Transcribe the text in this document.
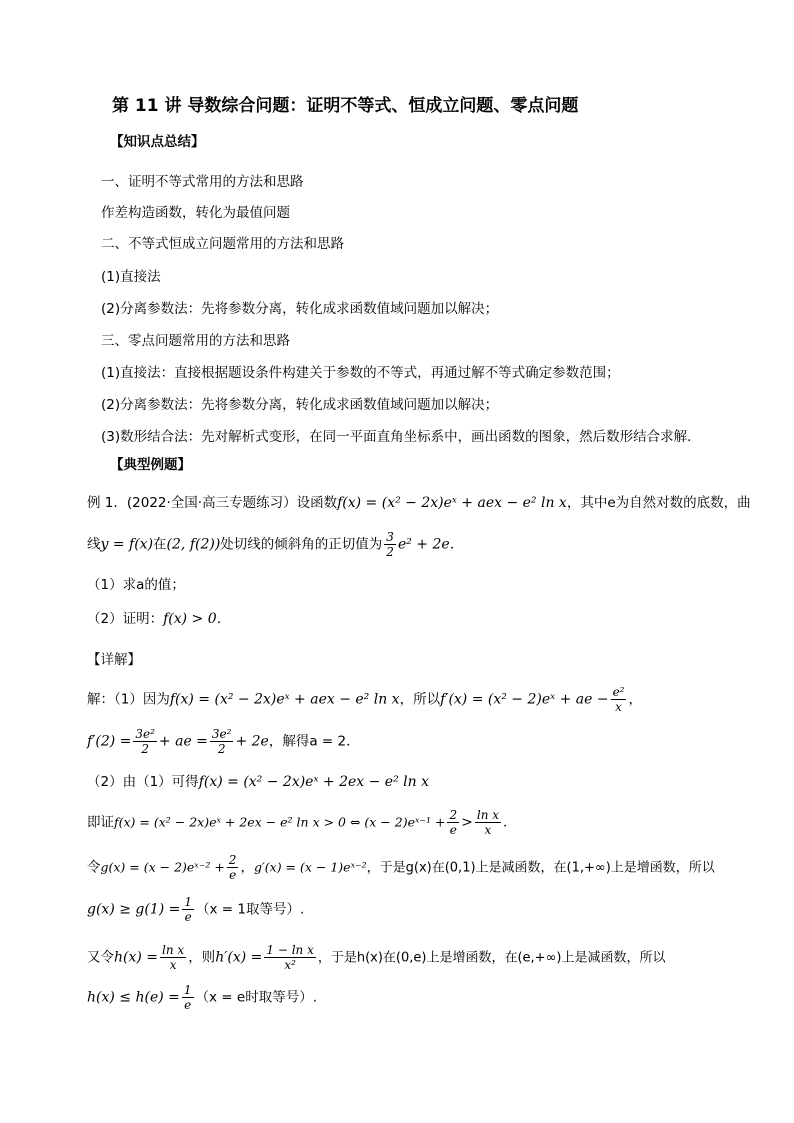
第 11 讲 导数综合问题：证明不等式、恒成立问题、零点问题
【知识点总结】
一、证明不等式常用的方法和思路
作差构造函数，转化为最值问题
二、不等式恒成立问题常用的方法和思路
(1)直接法
(2)分离参数法：先将参数分离，转化成求函数值域问题加以解决；
三、零点问题常用的方法和思路
(1)直接法：直接根据题设条件构建关于参数的不等式，再通过解不等式确定参数范围；
(2)分离参数法：先将参数分离，转化成求函数值域问题加以解决；
(3)数形结合法：先对解析式变形，在同一平面直角坐标系中，画出函数的图象，然后数形结合求解．
【典型例题】
例 1．(2022·全国·高三专题练习）设函数f(x) = (x² − 2x)eˣ + aex − e² ln x，其中e为自然对数的底数，曲
线y = f(x)在(2, f(2))处切线的倾斜角的正切值为 $\frac{3}{2} e^2 + 2e$．
（1）求a的值；
（2）证明：f(x) > 0．
【详解】
解：（1）因为f(x) = (x² − 2x)eˣ + aex − e² ln x，所以f′(x) = (x² − 2)eˣ + ae − $\frac{\text{e²}}{x}$ ，
$f'(2) = \frac{\text{3e²}}{2}$ + ae = $\frac{\text{3e²}}{2} + 2e$，解得a = 2．
（2）由（1）可得f(x) = (x² − 2x)eˣ + 2ex − e² ln x
即证f(x) = (x² − 2x)eˣ + 2ex − e² ln x > 0 ⇔ (x − 2)eˣ⁻¹ + $\frac{2}{e} > \frac{\text{ln x}}{x}$ ．
令g(x) = (x − 2)eˣ⁻² + $\frac{2}{e}$ ，g′(x) = (x − 1)eˣ⁻²，于是g(x)在(0,1)上是减函数，在(1,+∞)上是增函数，所以
$g(x) \ge g(1) = \frac{1}{e} (x = 1$取等号）.
又令$h(x) = \frac{\text{ln x}}{x}$ ，则$h'(x) = \frac{\text{1 − ln x}}{\text{x²}}$ ，于是h(x)在(0,e)上是增函数，在(e,+∞)上是减函数，所以
$h(x) \le h(e) = \frac{1}{e} (x = e$时取等号）.
